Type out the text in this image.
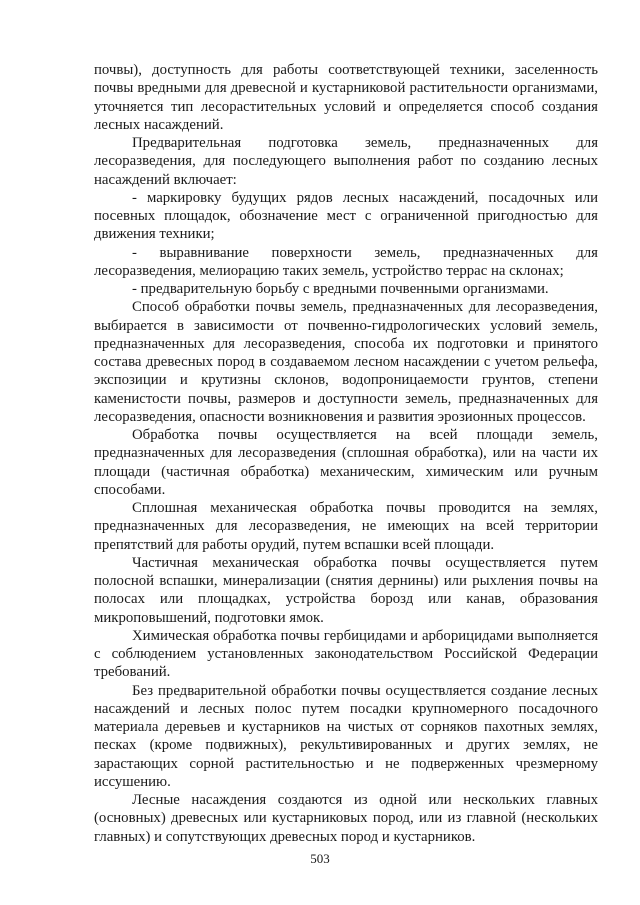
почвы), доступность для работы соответствующей техники, заселенность почвы вредными для древесной и кустарниковой растительности организмами, уточняется тип лесорастительных условий и определяется способ создания лесных насаждений.

Предварительная подготовка земель, предназначенных для лесоразведения, для последующего выполнения работ по созданию лесных насаждений включает:

- маркировку будущих рядов лесных насаждений, посадочных или посевных площадок, обозначение мест с ограниченной пригодностью для движения техники;

- выравнивание поверхности земель, предназначенных для лесоразведения, мелиорацию таких земель, устройство террас на склонах;

- предварительную борьбу с вредными почвенными организмами.

Способ обработки почвы земель, предназначенных для лесоразведения, выбирается в зависимости от почвенно-гидрологических условий земель, предназначенных для лесоразведения, способа их подготовки и принятого состава древесных пород в создаваемом лесном насаждении с учетом рельефа, экспозиции и крутизны склонов, водопроницаемости грунтов, степени каменистости почвы, размеров и доступности земель, предназначенных для лесоразведения, опасности возникновения и развития эрозионных процессов.

Обработка почвы осуществляется на всей площади земель, предназначенных для лесоразведения (сплошная обработка), или на части их площади (частичная обработка) механическим, химическим или ручным способами.

Сплошная механическая обработка почвы проводится на землях, предназначенных для лесоразведения, не имеющих на всей территории препятствий для работы орудий, путем вспашки всей площади.

Частичная механическая обработка почвы осуществляется путем полосной вспашки, минерализации (снятия дернины) или рыхления почвы на полосах или площадках, устройства борозд или канав, образования микроповышений, подготовки ямок.

Химическая обработка почвы гербицидами и арборицидами выполняется с соблюдением установленных законодательством Российской Федерации требований.

Без предварительной обработки почвы осуществляется создание лесных насаждений и лесных полос путем посадки крупномерного посадочного материала деревьев и кустарников на чистых от сорняков пахотных землях, песках (кроме подвижных), рекультивированных и других землях, не зарастающих сорной растительностью и не подверженных чрезмерному иссушению.

Лесные насаждения создаются из одной или нескольких главных (основных) древесных или кустарниковых пород, или из главной (нескольких главных) и сопутствующих древесных пород и кустарников.

503
